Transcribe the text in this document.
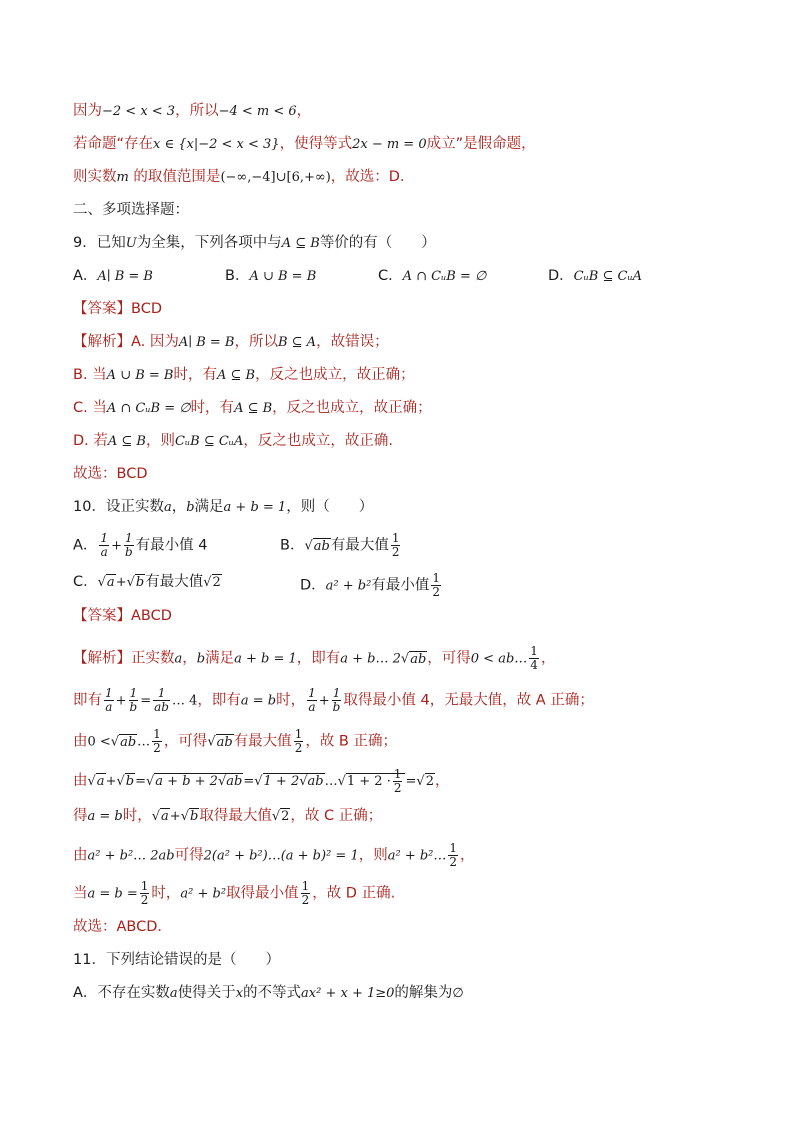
因为−2 < x < 3，所以−4 < m < 6，
若命题“存在x ∈ {x|−2 < x < 3}，使得等式2x − m = 0成立”是假命题，
则实数m 的取值范围是(−∞,−4]∪[6,+∞)，故选：D.
二、多项选择题：
9．已知U为全集，下列各项中与A ⊆ B等价的有（　　）
A．A∣ B = B	B．A ∪ B = B	C．A ∩ CᵤB = ∅	D．CᵤB ⊆ CᵤA
【答案】BCD
【解析】A. 因为A∣ B = B，所以B ⊆ A，故错误；
B. 当A ∪ B = B时，有A ⊆ B，反之也成立，故正确；
C. 当A ∩ CᵤB = ∅时，有A ⊆ B，反之也成立，故正确；
D. 若A ⊆ B，则CᵤB ⊆ CᵤA，反之也成立，故正确.
故选：BCD
10．设正实数a，b满足a + b = 1，则（　　）
A． $\frac{1}{a} + \frac{1}{b}$ 有最小值 4	B．√ab有最大值 $\frac{1}{2}$
C．√a+√b有最大值√2	D．a² + b²有最小值 $\frac{1}{2}$
【答案】ABCD
【解析】正实数a，b满足a + b = 1，即有a + b… 2√ab，可得0 < ab… $\frac{1}{4}$ ，
即有 $\frac{1}{a} + \frac{1}{b} = \frac{1}{ab}$ … 4，即有a = b时， $\frac{1}{a} + \frac{1}{b}$ 取得最小值 4，无最大值，故 A 正确；
由0 <√ab… $\frac{1}{2}$ ，可得√ab有最大值 $\frac{1}{2}$ ，故 B 正确；
由√a+√b=√a + b + 2√ab=√1 + 2√ab…√1 + $2 \cdot \frac{1}{2} =√2$，
得a = b时，√a+√b取得最大值√2，故 C 正确；
由a² + b²… 2ab可得2(a² + b²)…(a + b)² = 1，则a² + b²… $\frac{1}{2}$ ，
当$a = b = \frac{1}{2}$ 时，a² + b²取得最小值 $\frac{1}{2}$ ，故 D 正确.
故选：ABCD．
11．下列结论错误的是（　　）
A．不存在实数a使得关于x的不等式ax² + x + 1≥0的解集为∅
